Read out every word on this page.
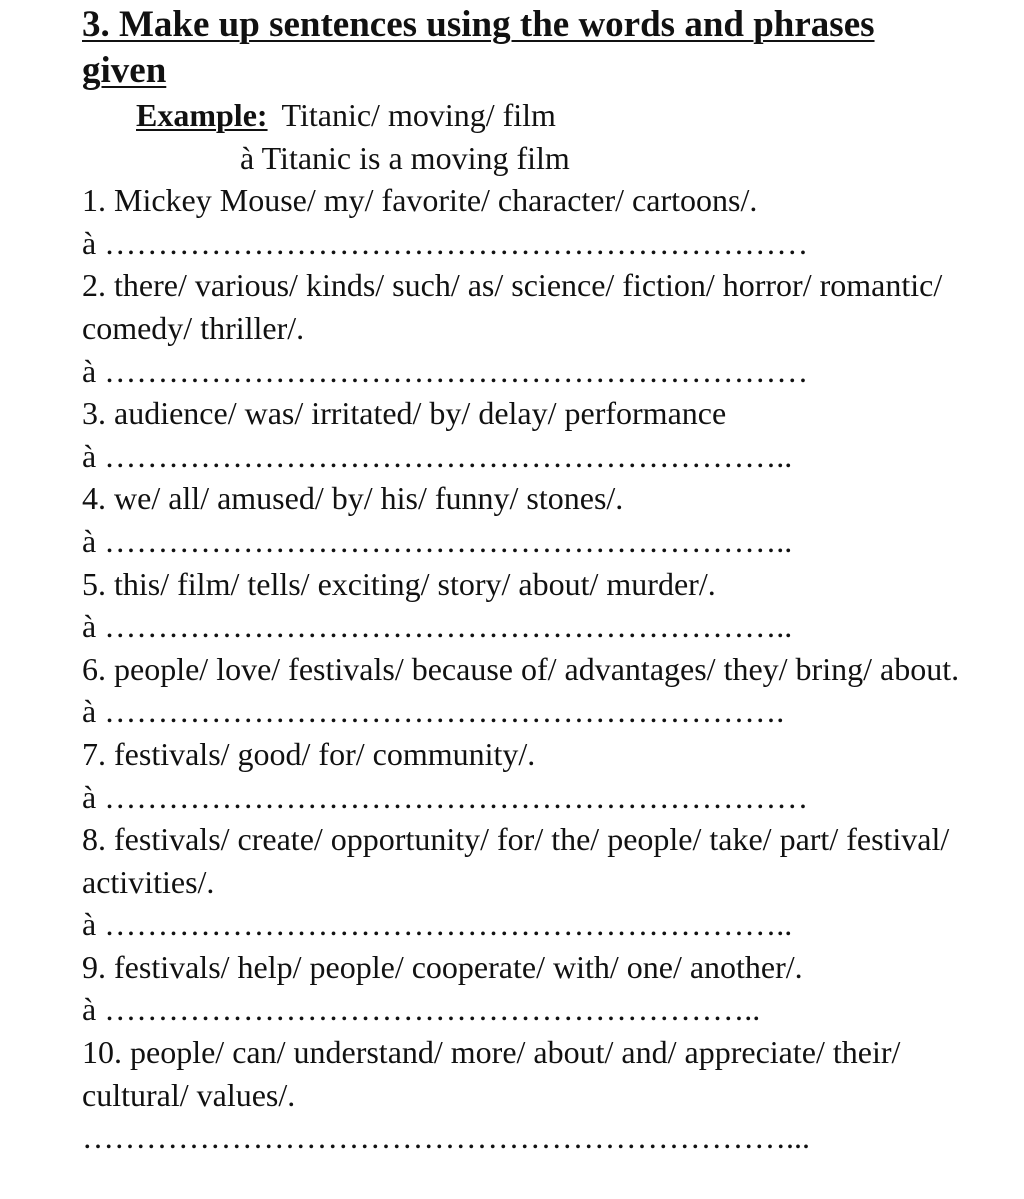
3. Make up sentences using the words and phrases given
Example: Titanic/ moving/ film
à Titanic is a moving film
1. Mickey Mouse/ my/ favorite/ character/ cartoons/.
à …………………………………………………………
2. there/ various/ kinds/ such/ as/ science/ fiction/ horror/ romantic/ comedy/ thriller/.
à …………………………………………………………
3. audience/ was/ irritated/ by/ delay/ performance
à ………………………………………………………..
4. we/ all/ amused/ by/ his/ funny/ stones/.
à ………………………………………………………..
5. this/ film/ tells/ exciting/ story/ about/ murder/.
à ………………………………………………………..
6. people/ love/ festivals/ because of/ advantages/ they/ bring/ about.
à ……………………………………………………….
7. festivals/ good/ for/ community/.
à …………………………………………………………
8. festivals/ create/ opportunity/ for/ the/ people/ take/ part/ festival/ activities/.
à ………………………………………………………..
9. festivals/ help/ people/ cooperate/ with/ one/ another/.
à ……………………………………………………..
10. people/ can/ understand/ more/ about/ and/ appreciate/ their/ cultural/ values/.
…………………………………………………………...
